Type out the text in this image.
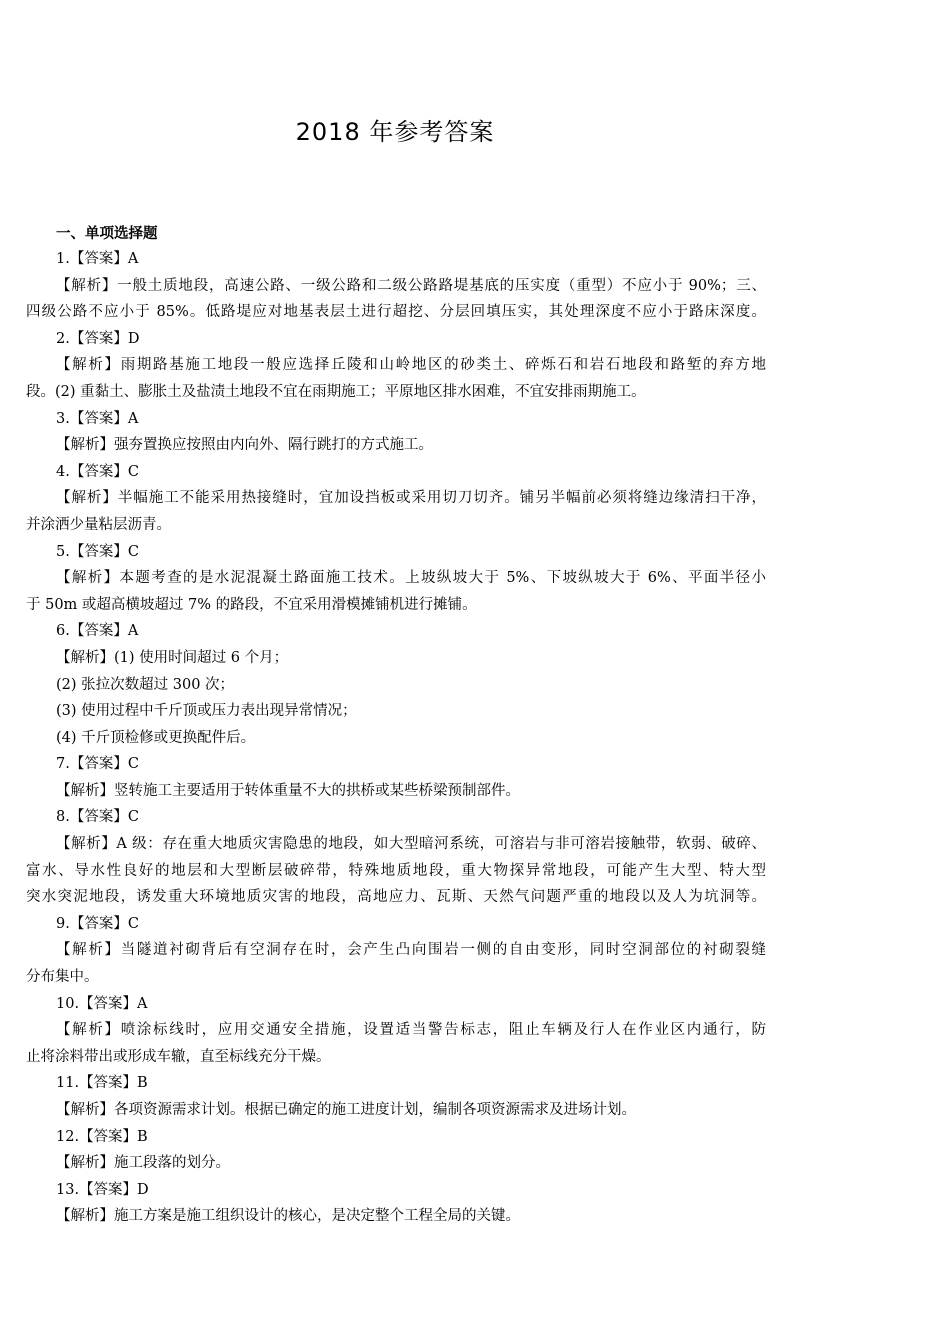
2018 年参考答案
一、单项选择题
1.【答案】A
【解析】一般土质地段，高速公路、一级公路和二级公路路堤基底的压实度（重型）不应小于 90%；三、
四级公路不应小于 85%。低路堤应对地基表层土进行超挖、分层回填压实，其处理深度不应小于路床深度。
2.【答案】D
【解析】雨期路基施工地段一般应选择丘陵和山岭地区的砂类土、碎烁石和岩石地段和路堑的弃方地
段。(2) 重黏土、膨胀土及盐渍土地段不宜在雨期施工；平原地区排水困难，不宜安排雨期施工。
3.【答案】A
【解析】强夯置换应按照由内向外、隔行跳打的方式施工。
4.【答案】C
【解析】半幅施工不能采用热接缝时，宜加设挡板或采用切刀切齐。铺另半幅前必须将缝边缘清扫干净，
并涂洒少量粘层沥青。
5.【答案】C
【解析】本题考查的是水泥混凝土路面施工技术。上坡纵坡大于 5%、下坡纵坡大于 6%、平面半径小
于 50m 或超高横坡超过 7% 的路段，不宜采用滑模摊铺机进行摊铺。
6.【答案】A
【解析】(1) 使用时间超过 6 个月；
(2) 张拉次数超过 300 次；
(3) 使用过程中千斤顶或压力表出现异常情况；
(4) 千斤顶检修或更换配件后。
7.【答案】C
【解析】竖转施工主要适用于转体重量不大的拱桥或某些桥梁预制部件。
8.【答案】C
【解析】A 级：存在重大地质灾害隐患的地段，如大型暗河系统，可溶岩与非可溶岩接触带，软弱、破碎、
富水、导水性良好的地层和大型断层破碎带，特殊地质地段，重大物探异常地段，可能产生大型、特大型
突水突泥地段，诱发重大环境地质灾害的地段，高地应力、瓦斯、天然气问题严重的地段以及人为坑洞等。
9.【答案】C
【解析】当隧道衬砌背后有空洞存在时，会产生凸向围岩一侧的自由变形，同时空洞部位的衬砌裂缝
分布集中。
10.【答案】A
【解析】喷涂标线时，应用交通安全措施，设置适当警告标志，阻止车辆及行人在作业区内通行，防
止将涂料带出或形成车辙，直至标线充分干燥。
11.【答案】B
【解析】各项资源需求计划。根据已确定的施工进度计划，编制各项资源需求及进场计划。
12.【答案】B
【解析】施工段落的划分。
13.【答案】D
【解析】施工方案是施工组织设计的核心，是决定整个工程全局的关键。
